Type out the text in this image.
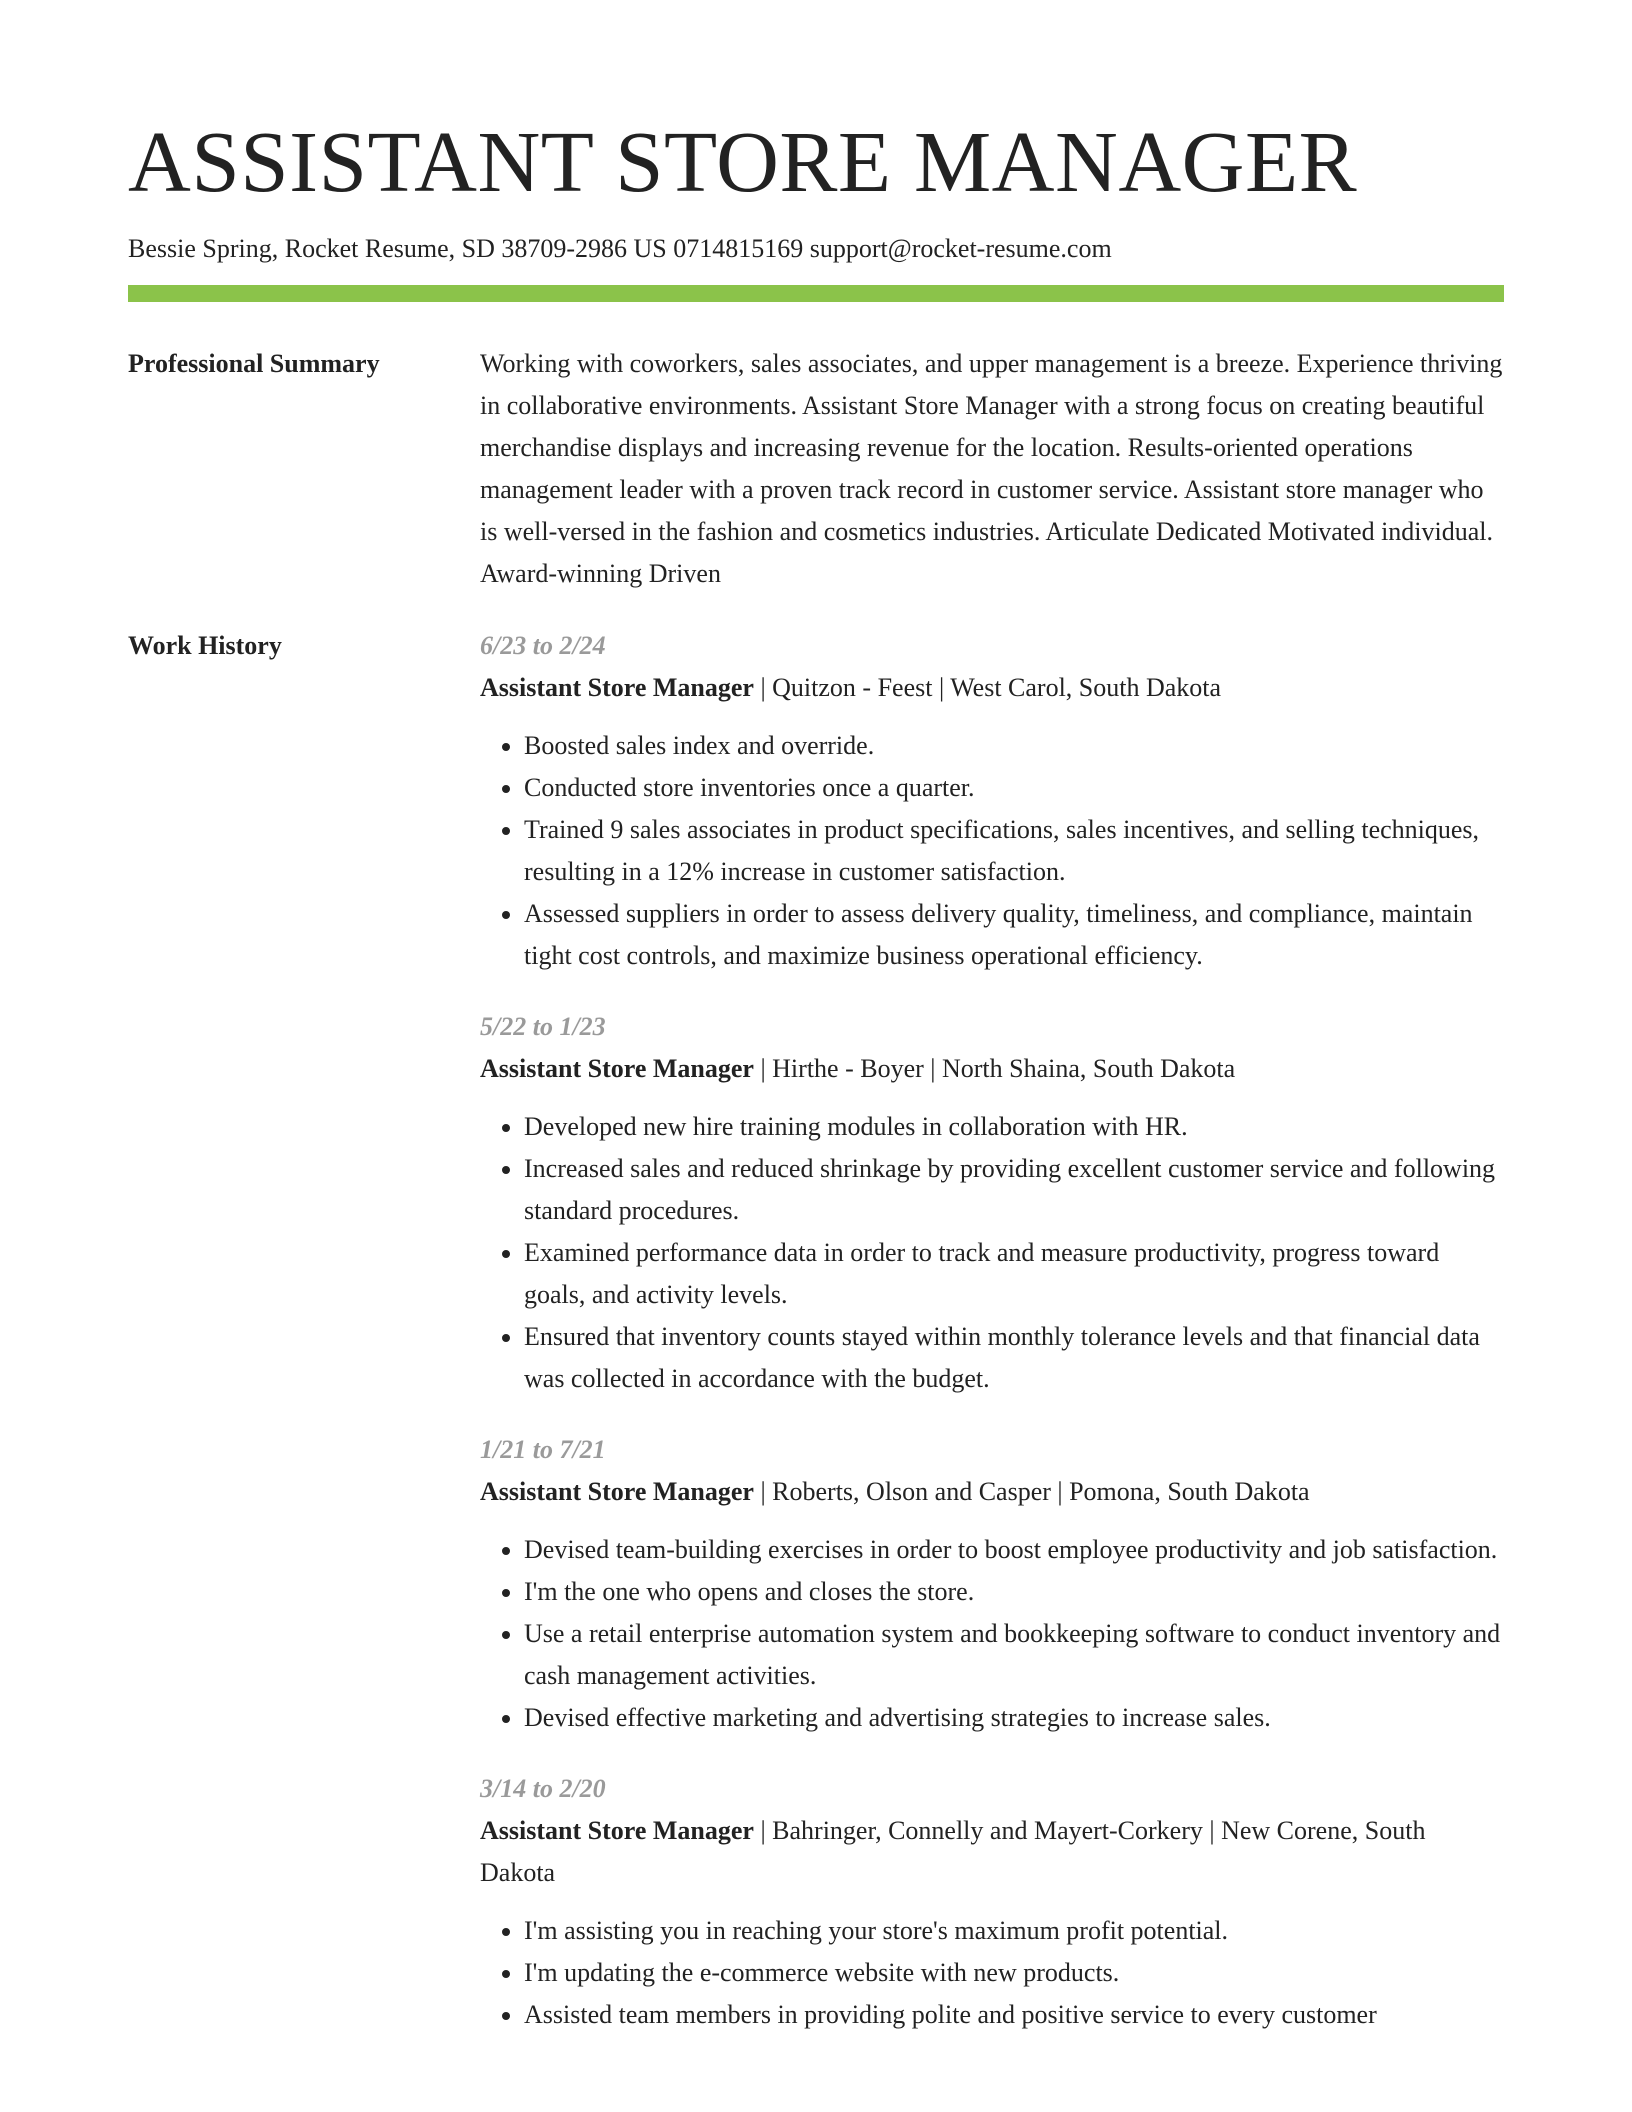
ASSISTANT STORE MANAGER
Bessie Spring, Rocket Resume, SD 38709-2986 US 0714815169 support@rocket-resume.com
Professional Summary	Working with coworkers, sales associates, and upper management is a breeze. Experience thriving in collaborative environments. Assistant Store Manager with a strong focus on creating beautiful merchandise displays and increasing revenue for the location. Results-oriented operations management leader with a proven track record in customer service. Assistant store manager who is well-versed in the fashion and cosmetics industries. Articulate Dedicated Motivated individual. Award-winning Driven

Work History	6/23 to 2/24
Assistant Store Manager | Quitzon - Feest | West Carol, South Dakota
• Boosted sales index and override.
• Conducted store inventories once a quarter.
• Trained 9 sales associates in product specifications, sales incentives, and selling techniques, resulting in a 12% increase in customer satisfaction.
• Assessed suppliers in order to assess delivery quality, timeliness, and compliance, maintain tight cost controls, and maximize business operational efficiency.
5/22 to 1/23
Assistant Store Manager | Hirthe - Boyer | North Shaina, South Dakota
• Developed new hire training modules in collaboration with HR.
• Increased sales and reduced shrinkage by providing excellent customer service and following standard procedures.
• Examined performance data in order to track and measure productivity, progress toward goals, and activity levels.
• Ensured that inventory counts stayed within monthly tolerance levels and that financial data was collected in accordance with the budget.
1/21 to 7/21
Assistant Store Manager | Roberts, Olson and Casper | Pomona, South Dakota
• Devised team-building exercises in order to boost employee productivity and job satisfaction.
• I'm the one who opens and closes the store.
• Use a retail enterprise automation system and bookkeeping software to conduct inventory and cash management activities.
• Devised effective marketing and advertising strategies to increase sales.
3/14 to 2/20
Assistant Store Manager | Bahringer, Connelly and Mayert-Corkery | New Corene, South Dakota
• I'm assisting you in reaching your store's maximum profit potential.
• I'm updating the e-commerce website with new products.
• Assisted team members in providing polite and positive service to every customer
